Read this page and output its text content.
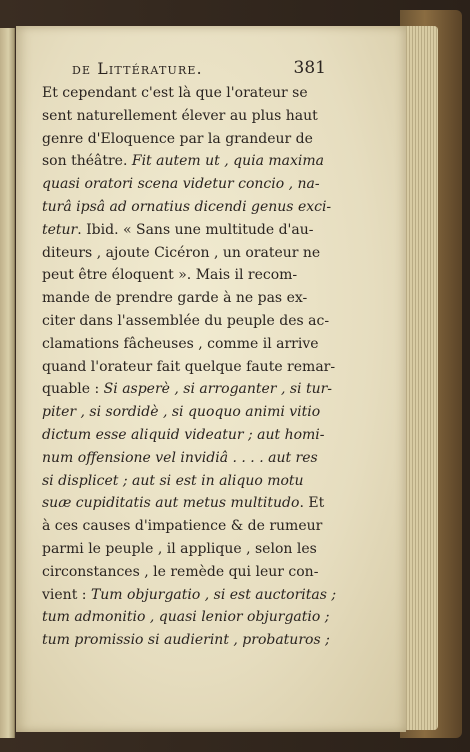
de Littérature.	381
Et cependant c'est là que l'orateur se
sent naturellement élever au plus haut
genre d'Eloquence par la grandeur de
son théâtre. Fit autem ut , quia maxima
quasi oratori scena videtur concio , na-
turâ ipsâ ad ornatius dicendi genus exci-
tetur. Ibid. « Sans une multitude d'au-
diteurs , ajoute Cicéron , un orateur ne
peut être éloquent ». Mais il recom-
mande de prendre garde à ne pas ex-
citer dans l'assemblée du peuple des ac-
clamations fâcheuses , comme il arrive
quand l'orateur fait quelque faute remar-
quable : Si asperè , si arroganter , si tur-
piter , si sordidè , si quoquo animi vitio
dictum esse aliquid videatur ; aut homi-
num offensione vel invidiâ . . . . aut res
si displicet ; aut si est in aliquo motu
suæ cupiditatis aut metus multitudo. Et
à ces causes d'impatience & de rumeur
parmi le peuple , il applique , selon les
circonstances , le remède qui leur con-
vient : Tum objurgatio , si est auctoritas ;
tum admonitio , quasi lenior objurgatio ;
tum promissio si audierint , probaturos ;
